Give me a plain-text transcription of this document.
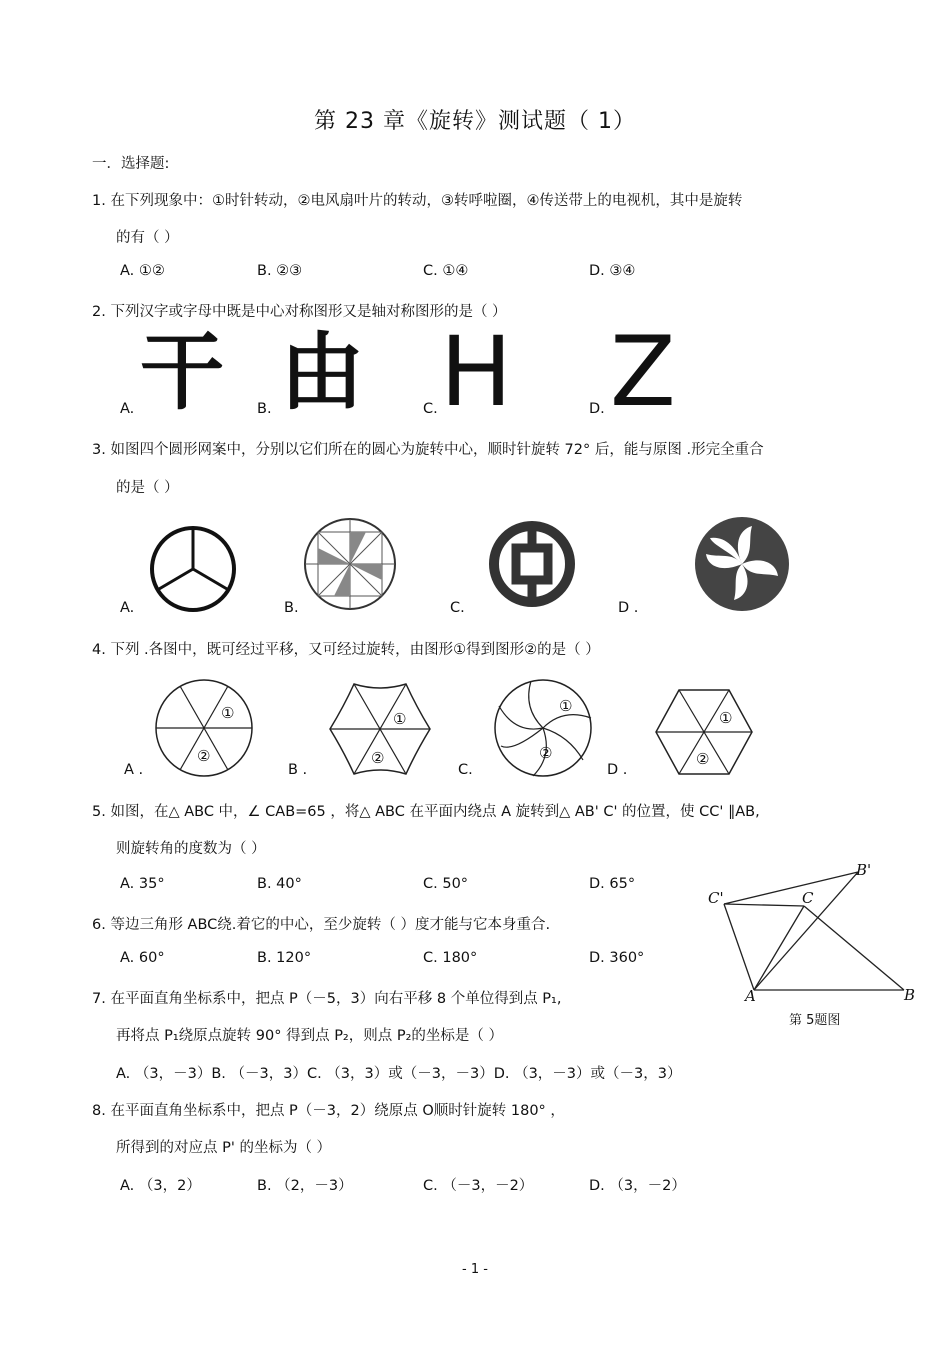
第 23 章《旋转》测试题（ 1）
一．选择题:
1. 在下列现象中：①时针转动，②电风扇叶片的转动，③转呼啦圈，④传送带上的电视机，其中是旋转
的有（ ）
A. ①②	B. ②③	C. ①④	D. ③④
2. 下列汉字或字母中既是中心对称图形又是轴对称图形的是（ ）
A.	B.	C.	D.
干 由 H Z
3. 如图四个圆形网案中，分别以它们所在的圆心为旋转中心，顺时针旋转 72° 后，能与原图 .形完全重合
的是（ ）
A.	B.	C.	D .
4. 下列 .各图中，既可经过平移，又可经过旋转，由图形①得到图形②的是（ ）
A .	B .	C.	D .
①
②
①
②
①
②
①
②
5. 如图，在△ ABC 中，∠ CAB=65 ，将△ ABC 在平面内绕点 A 旋转到△ AB' C' 的位置，使 CC' ∥AB,
则旋转角的度数为（ ）
A. 35°	B. 40°	C. 50°	D. 65°
C'	C
B'
A	B
第 5题图
6. 等边三角形 ABC绕.着它的中心，至少旋转（ ）度才能与它本身重合.
A. 60°	B. 120°	C. 180°	D. 360°
7. 在平面直角坐标系中，把点 P（－5，3）向右平移 8 个单位得到点 P₁,
再将点 P₁绕原点旋转 90° 得到点 P₂，则点 P₂的坐标是（ ）
A. （3，－3）B. （－3，3）C. （3，3）或（－3，－3）D. （3，－3）或（－3，3）
8. 在平面直角坐标系中，把点 P（－3，2）绕原点 O顺时针旋转 180° ，
所得到的对应点 P' 的坐标为（ ）
A. （3，2）	B. （2，－3）	C. （－3，－2）	D. （3，－2）
- 1 -
